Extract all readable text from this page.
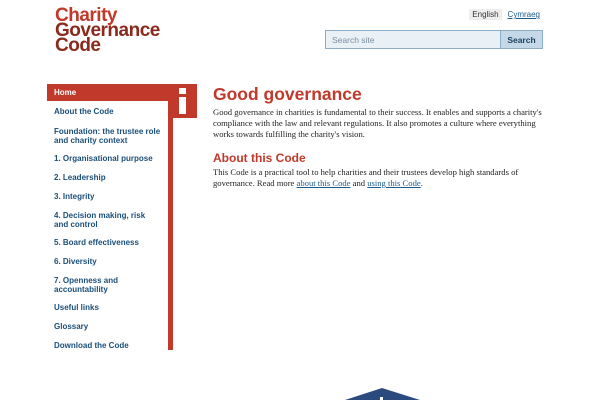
Charity
Governance
Code
English	Cymraeg
Search site
Search
Home
About the Code
Foundation: the trustee role and charity context
1. Organisational purpose
2. Leadership
3. Integrity
4. Decision making, risk and control
5. Board effectiveness
6. Diversity
7. Openness and accountability
Useful links
Glossary
Download the Code
Good governance

Good governance in charities is fundamental to their success. It enables and supports a charity's compliance with the law and relevant regulations. It also promotes a culture where everything works towards fulfilling the charity's vision.

About this Code

This Code is a practical tool to help charities and their trustees develop high standards of governance. Read more about this Code and using this Code.
